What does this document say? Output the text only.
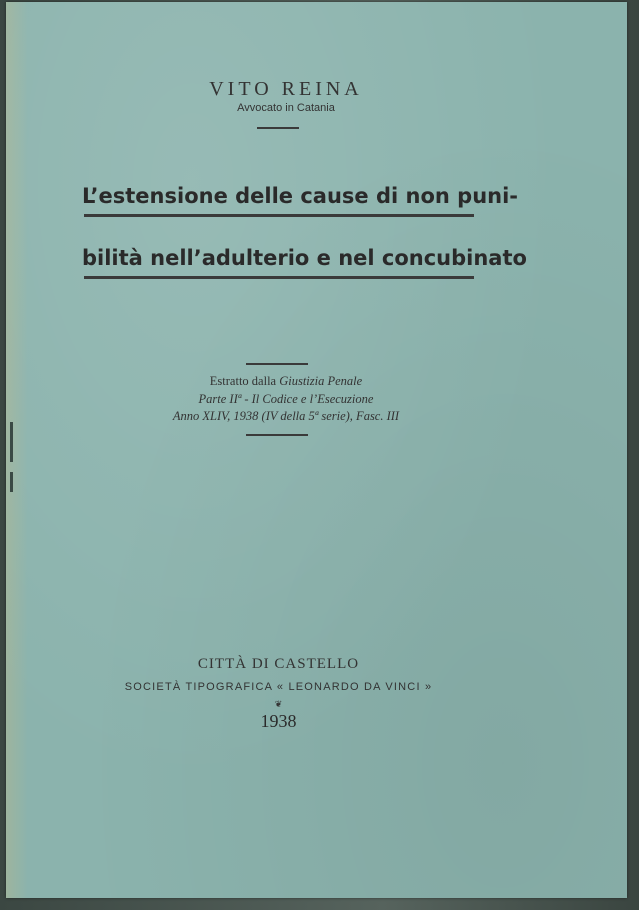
VITO REINA
Avvocato in Catania
L’estensione delle cause di non puni-
bilità nell’adulterio e nel concubinato
Estratto dalla Giustizia Penale
Parte IIª - Il Codice e l’Esecuzione
Anno XLIV, 1938 (IV della 5ª serie), Fasc. III
CITTÀ DI CASTELLO
SOCIETÀ TIPOGRAFICA « LEONARDO DA VINCI »
❦
1938
